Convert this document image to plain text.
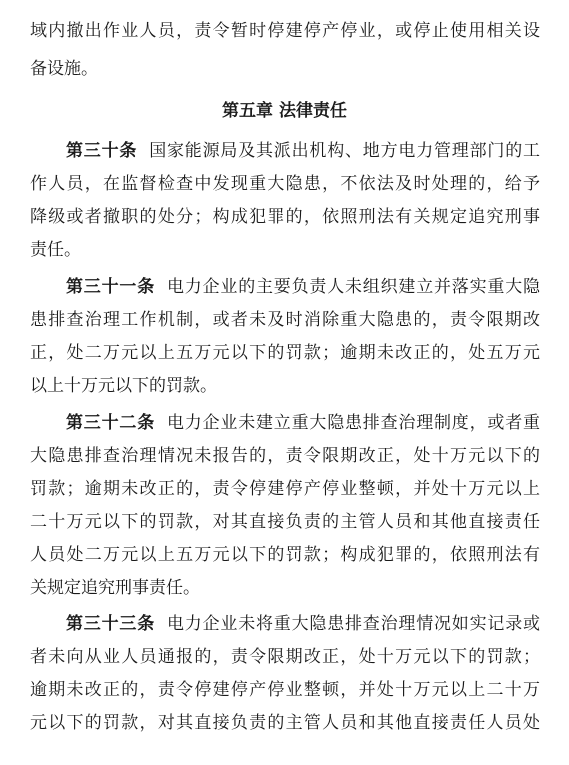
域内撤出作业人员，责令暂时停建停产停业，或停止使用相关设
备设施。
第五章 法律责任
第三十条 国家能源局及其派出机构、地方电力管理部门的工
作人员，在监督检查中发现重大隐患，不依法及时处理的，给予
降级或者撤职的处分；构成犯罪的，依照刑法有关规定追究刑事
责任。
第三十一条 电力企业的主要负责人未组织建立并落实重大隐
患排查治理工作机制，或者未及时消除重大隐患的，责令限期改
正，处二万元以上五万元以下的罚款；逾期未改正的，处五万元
以上十万元以下的罚款。
第三十二条 电力企业未建立重大隐患排查治理制度，或者重
大隐患排查治理情况未报告的，责令限期改正，处十万元以下的
罚款；逾期未改正的，责令停建停产停业整顿，并处十万元以上
二十万元以下的罚款，对其直接负责的主管人员和其他直接责任
人员处二万元以上五万元以下的罚款；构成犯罪的，依照刑法有
关规定追究刑事责任。
第三十三条 电力企业未将重大隐患排查治理情况如实记录或
者未向从业人员通报的，责令限期改正，处十万元以下的罚款；
逾期未改正的，责令停建停产停业整顿，并处十万元以上二十万
元以下的罚款，对其直接负责的主管人员和其他直接责任人员处
